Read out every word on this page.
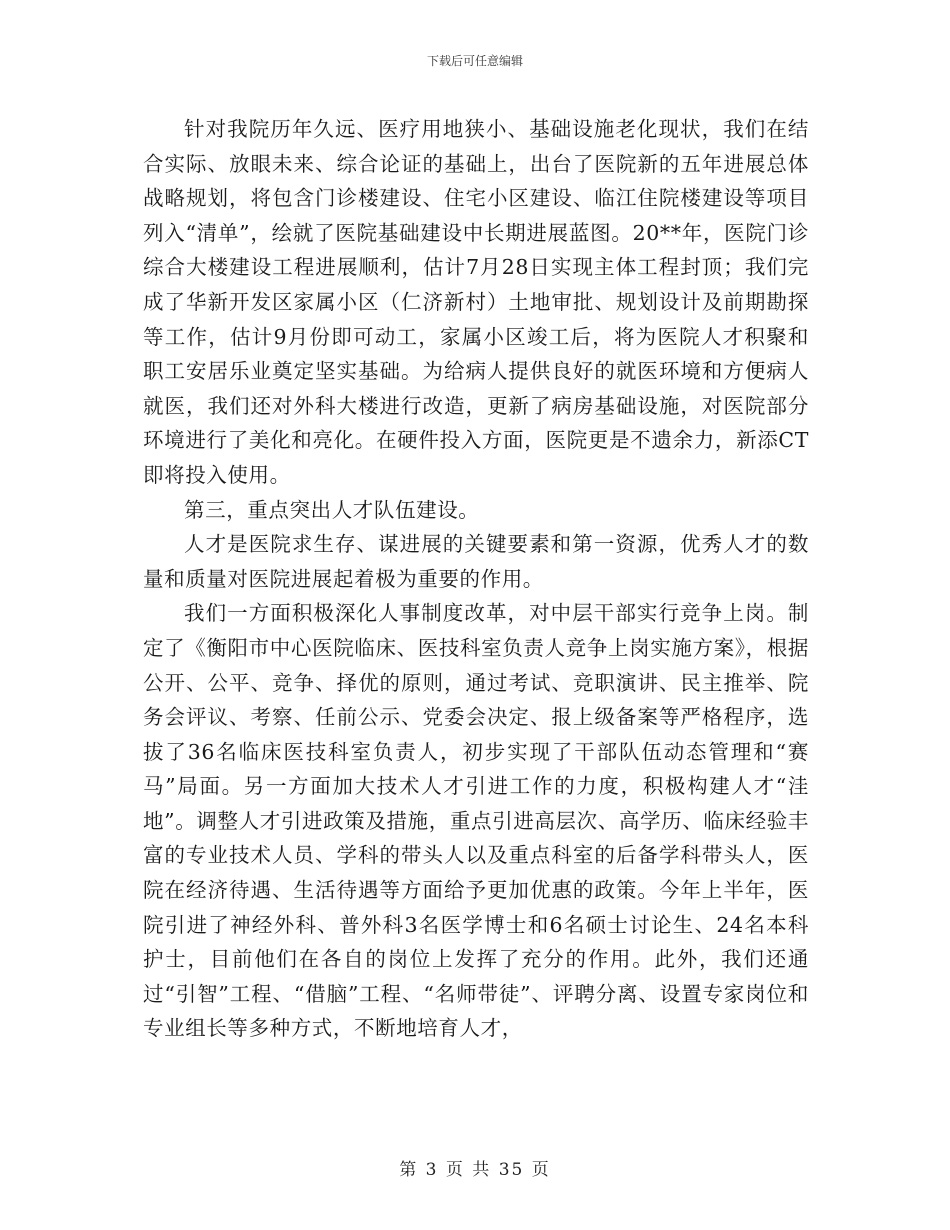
下载后可任意编辑

针对我院历年久远、医疗用地狭小、基础设施老化现状，我们在结合实际、放眼未来、综合论证的基础上，出台了医院新的五年进展总体战略规划，将包含门诊楼建设、住宅小区建设、临江住院楼建设等项目列入“清单”，绘就了医院基础建设中长期进展蓝图。20**年，医院门诊综合大楼建设工程进展顺利，估计7月28日实现主体工程封顶；我们完成了华新开发区家属小区（仁济新村）土地审批、规划设计及前期勘探等工作，估计9月份即可动工，家属小区竣工后，将为医院人才积聚和职工安居乐业奠定坚实基础。为给病人提供良好的就医环境和方便病人就医，我们还对外科大楼进行改造，更新了病房基础设施，对医院部分环境进行了美化和亮化。在硬件投入方面，医院更是不遗余力，新添CT即将投入使用。

第三，重点突出人才队伍建设。

人才是医院求生存、谋进展的关键要素和第一资源，优秀人才的数量和质量对医院进展起着极为重要的作用。

我们一方面积极深化人事制度改革，对中层干部实行竞争上岗。制定了《衡阳市中心医院临床、医技科室负责人竞争上岗实施方案》，根据公开、公平、竞争、择优的原则，通过考试、竞职演讲、民主推举、院务会评议、考察、任前公示、党委会决定、报上级备案等严格程序，选拔了36名临床医技科室负责人，初步实现了干部队伍动态管理和“赛马”局面。另一方面加大技术人才引进工作的力度，积极构建人才“洼地”。调整人才引进政策及措施，重点引进高层次、高学历、临床经验丰富的专业技术人员、学科的带头人以及重点科室的后备学科带头人，医院在经济待遇、生活待遇等方面给予更加优惠的政策。今年上半年，医院引进了神经外科、普外科3名医学博士和6名硕士讨论生、24名本科护士，目前他们在各自的岗位上发挥了充分的作用。此外，我们还通过“引智”工程、“借脑”工程、“名师带徒”、评聘分离、设置专家岗位和专业组长等多种方式，不断地培育人才，

第 3 页 共 35 页
